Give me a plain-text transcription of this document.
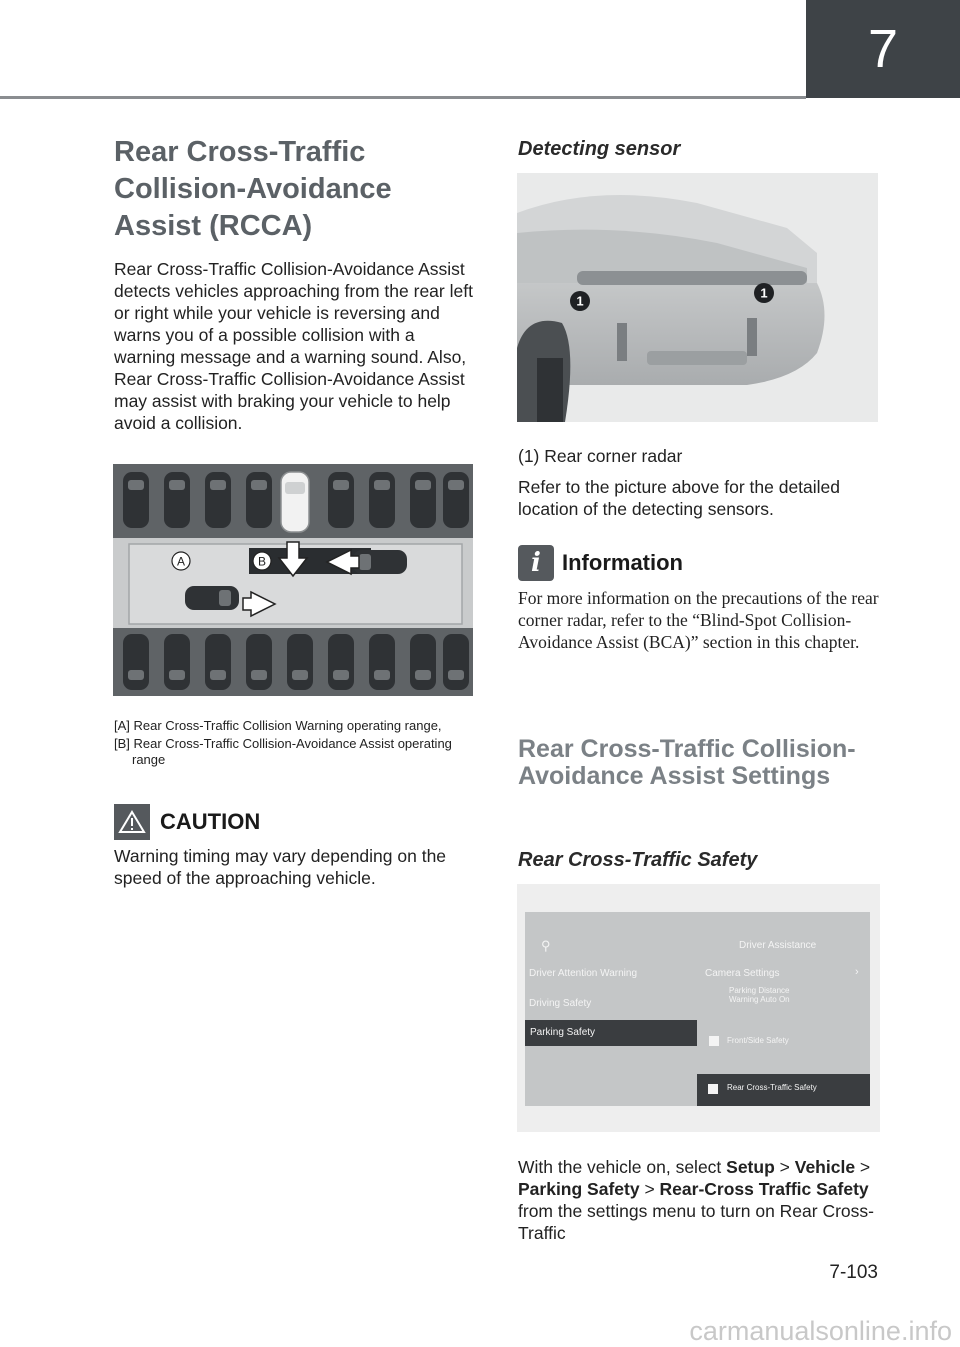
7
Rear Cross-Traffic Collision-Avoidance Assist (RCCA)

Rear Cross-Traffic Collision-Avoidance Assist detects vehicles approaching from the rear left or right while your vehicle is reversing and warns you of a possible collision with a warning message and a warning sound. Also, Rear Cross-Traffic Collision-Avoidance Assist may assist with braking your vehicle to help avoid a collision.

A	B

[A] Rear Cross-Traffic Collision Warning operating range,

[B] Rear Cross-Traffic Collision-Avoidance Assist operating range

CAUTION

Warning timing may vary depending on the speed of the approaching vehicle.

Detecting sensor
1
1

(1) Rear corner radar

Refer to the picture above for the detailed location of the detecting sensors.

i Information

For more information on the precautions of the rear corner radar, refer to the “Blind-Spot Collision-Avoidance Assist (BCA)” section in this chapter.

Rear Cross-Traffic Collision-Avoidance Assist Settings
Rear Cross-Traffic Safety
⚲	Driver Assistance
Driver Attention Warning
Driving Safety
Parking Safety
Camera Settings	›
Parking Distance
Warning Auto On
Front/Side Safety
Rear Cross-Traffic Safety

With the vehicle on, select Setup > Vehicle > Parking Safety > Rear-Cross Traffic Safety from the settings menu to turn on Rear Cross-Traffic

7-103
carmanualsonline.info
